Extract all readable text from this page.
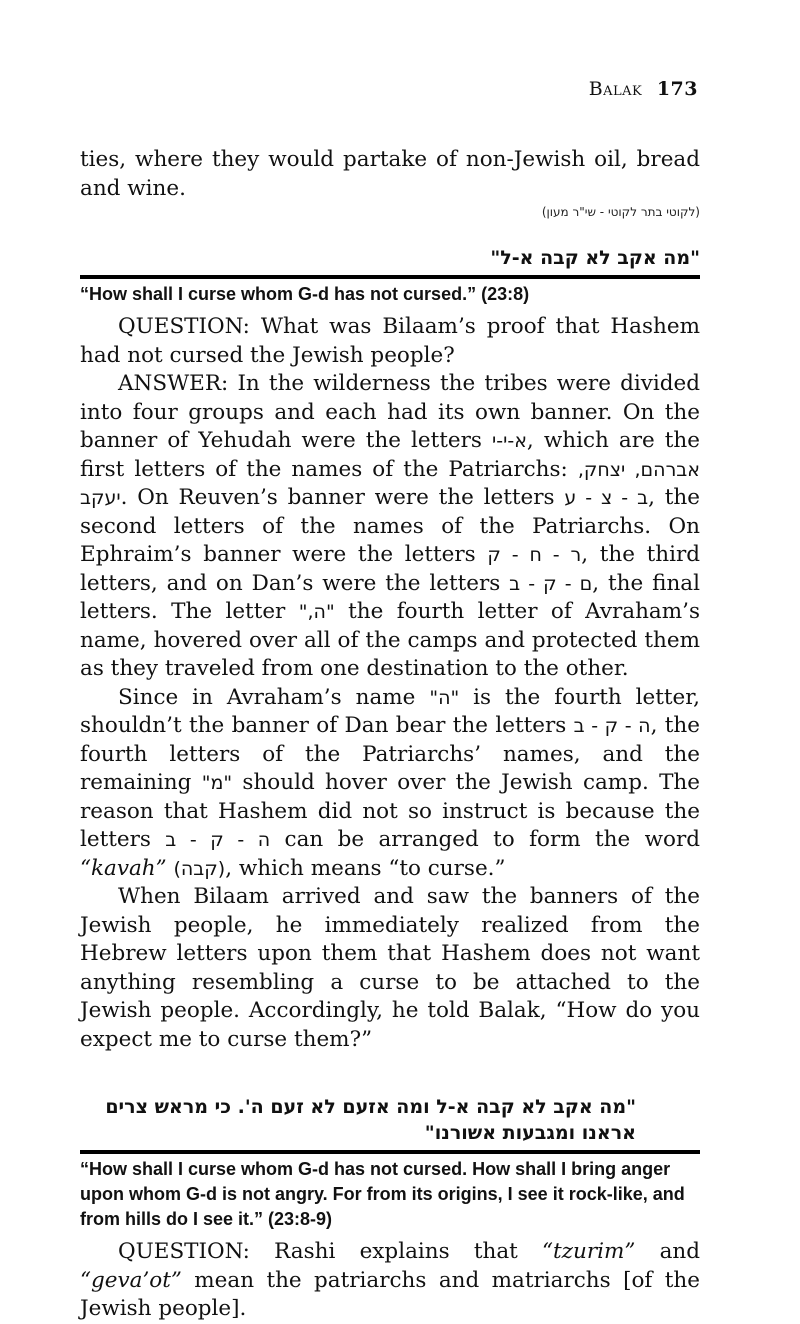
Balak 173

ties, where they would partake of non-Jewish oil, bread and wine.

(לקוטי בתר לקוטי - שי"ר מעון)
"מה אקב לא קבה א-ל"
“How shall I curse whom G-d has not cursed.” (23:8)

QUESTION: What was Bilaam’s proof that Hashem had not cursed the Jewish people?

ANSWER: In the wilderness the tribes were divided into four groups and each had its own banner. On the banner of Yehudah were the letters א-י-י, which are the first letters of the names of the Patriarchs: אברהם, יצחק, יעקב. On Reuven’s banner were the letters ב - צ - ע, the second letters of the names of the Patriarchs. On Ephraim’s banner were the letters ר - ח - ק, the third letters, and on Dan’s were the letters ם - ק - ב, the final letters. The letter "ה," the fourth letter of Avraham’s name, hovered over all of the camps and protected them as they traveled from one destination to the other.

Since in Avraham’s name "ה" is the fourth letter, shouldn’t the banner of Dan bear the letters ה - ק - ב, the fourth letters of the Patriarchs’ names, and the remaining "מ" should hover over the Jewish camp. The reason that Hashem did not so instruct is because the letters ה - ק - ב can be arranged to form the word “kavah” (קבה), which means “to curse.”

When Bilaam arrived and saw the banners of the Jewish people, he immediately realized from the Hebrew letters upon them that Hashem does not want anything resembling a curse to be attached to the Jewish people. Accordingly, he told Balak, “How do you expect me to curse them?”

"מה אקב לא קבה א-ל ומה אזעם לא זעם ה'. כי מראש צרים
אראנו ומגבעות אשורנו"
“How shall I curse whom G-d has not cursed. How shall I bring anger upon whom G-d is not angry. For from its origins, I see it rock-like, and from hills do I see it.” (23:8-9)

QUESTION: Rashi explains that “tzurim” and “geva’ot” mean the patriarchs and matriarchs [of the Jewish people].
